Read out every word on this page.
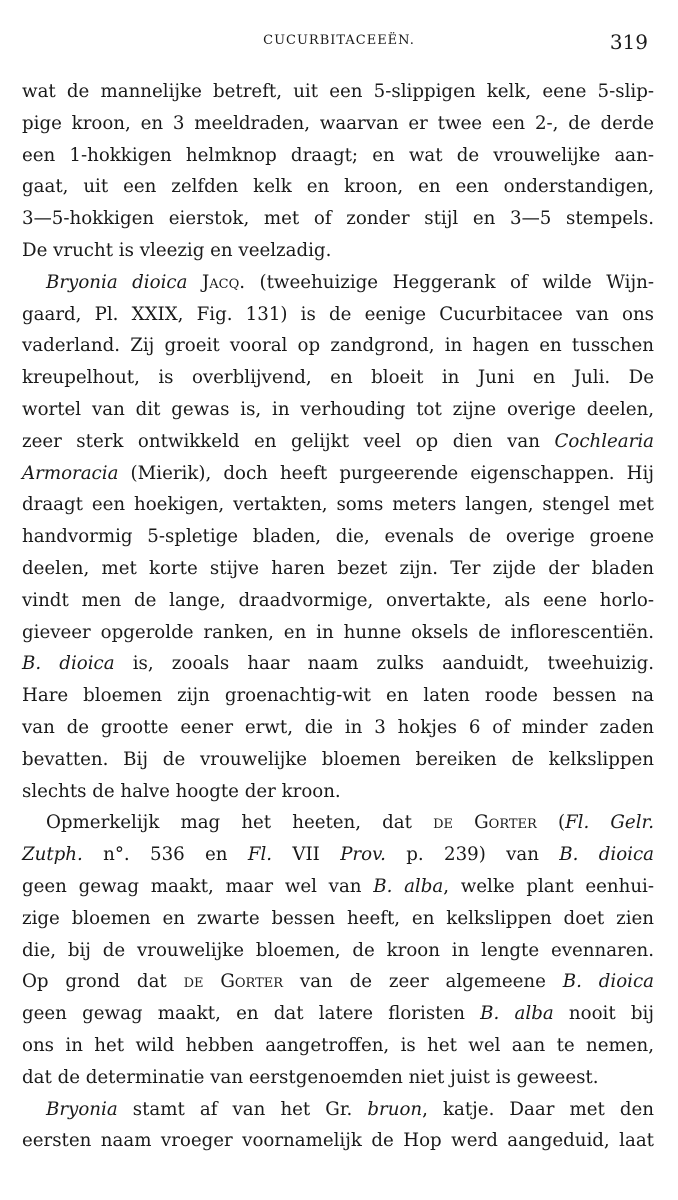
CUCURBITACEEËN.	319
wat de mannelijke betreft, uit een 5-slippigen kelk, eene 5-slip-
pige kroon, en 3 meeldraden, waarvan er twee een 2-, de derde
een 1-hokkigen helmknop draagt; en wat de vrouwelijke aan-
gaat, uit een zelfden kelk en kroon, en een onderstandigen,
3—5-hokkigen eierstok, met of zonder stijl en 3—5 stempels.
De vrucht is vleezig en veelzadig.
Bryonia dioica Jacq. (tweehuizige Heggerank of wilde Wijn-
gaard, Pl. XXIX, Fig. 131) is de eenige Cucurbitacee van ons
vaderland. Zij groeit vooral op zandgrond, in hagen en tusschen
kreupelhout, is overblijvend, en bloeit in Juni en Juli. De
wortel van dit gewas is, in verhouding tot zijne overige deelen,
zeer sterk ontwikkeld en gelijkt veel op dien van Cochlearia
Armoracia (Mierik), doch heeft purgeerende eigenschappen. Hij
draagt een hoekigen, vertakten, soms meters langen, stengel met
handvormig 5-spletige bladen, die, evenals de overige groene
deelen, met korte stijve haren bezet zijn. Ter zijde der bladen
vindt men de lange, draadvormige, onvertakte, als eene horlo-
gieveer opgerolde ranken, en in hunne oksels de inflorescentiën.
B. dioica is, zooals haar naam zulks aanduidt, tweehuizig.
Hare bloemen zijn groenachtig-wit en laten roode bessen na
van de grootte eener erwt, die in 3 hokjes 6 of minder zaden
bevatten. Bij de vrouwelijke bloemen bereiken de kelkslippen
slechts de halve hoogte der kroon.
Opmerkelijk mag het heeten, dat de Gorter (Fl. Gelr.
Zutph. n°. 536 en Fl. VII Prov. p. 239) van B. dioica
geen gewag maakt, maar wel van B. alba, welke plant eenhui-
zige bloemen en zwarte bessen heeft, en kelkslippen doet zien
die, bij de vrouwelijke bloemen, de kroon in lengte evennaren.
Op grond dat de Gorter van de zeer algemeene B. dioica
geen gewag maakt, en dat latere floristen B. alba nooit bij
ons in het wild hebben aangetroffen, is het wel aan te nemen,
dat de determinatie van eerstgenoemden niet juist is geweest.
Bryonia stamt af van het Gr. bruon, katje. Daar met den
eersten naam vroeger voornamelijk de Hop werd aangeduid, laat
